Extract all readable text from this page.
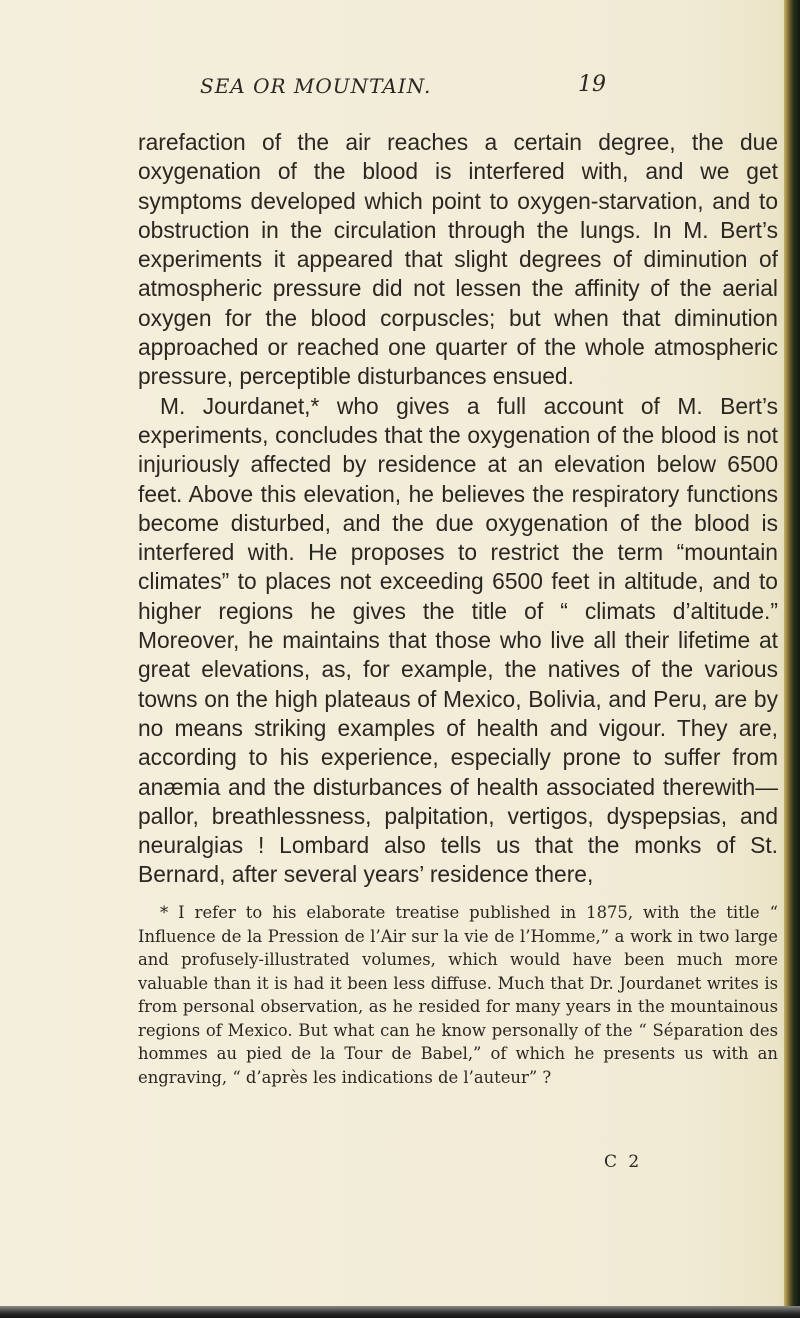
SEA OR MOUNTAIN.	19

rarefaction of the air reaches a certain degree, the due oxygenation of the blood is interfered with, and we get symptoms developed which point to oxygen-starvation, and to obstruction in the circulation through the lungs. In M. Bert’s experiments it appeared that slight degrees of diminution of atmospheric pressure did not lessen the affinity of the aerial oxygen for the blood corpuscles; but when that diminution approached or reached one quarter of the whole atmospheric pressure, perceptible disturbances ensued.

M. Jourdanet,* who gives a full account of M. Bert’s experiments, concludes that the oxygenation of the blood is not injuriously affected by residence at an elevation below 6500 feet. Above this elevation, he believes the respiratory functions become disturbed, and the due oxygenation of the blood is interfered with. He proposes to restrict the term “mountain climates” to places not exceeding 6500 feet in altitude, and to higher regions he gives the title of “ climats d’altitude.” Moreover, he maintains that those who live all their lifetime at great elevations, as, for example, the natives of the various towns on the high plateaus of Mexico, Bolivia, and Peru, are by no means striking examples of health and vigour. They are, according to his experience, especially prone to suffer from anæmia and the disturbances of health associated therewith—pallor, breathlessness, palpitation, vertigos, dyspepsias, and neuralgias ! Lombard also tells us that the monks of St. Bernard, after several years’ residence there,

* I refer to his elaborate treatise published in 1875, with the title “ Influence de la Pression de l’Air sur la vie de l’Homme,” a work in two large and profusely-illustrated volumes, which would have been much more valuable than it is had it been less diffuse. Much that Dr. Jourdanet writes is from personal observation, as he resided for many years in the mountainous regions of Mexico. But what can he know personally of the “ Séparation des hommes au pied de la Tour de Babel,” of which he presents us with an engraving, “ d’après les indications de l’auteur” ?

C 2
